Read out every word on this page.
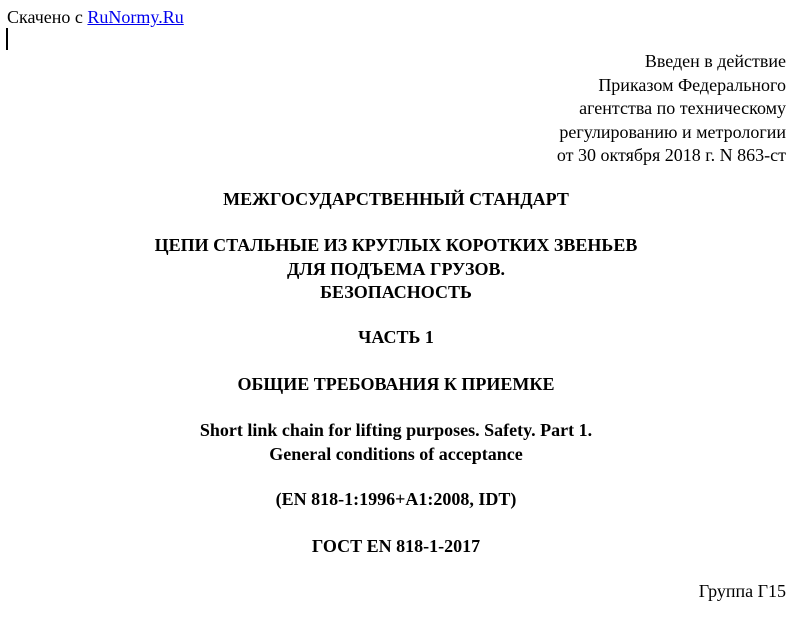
Скачено с RuNormy.Ru
Введен в действие
Приказом Федерального
агентства по техническому
регулированию и метрологии
от 30 октября 2018 г. N 863-ст
МЕЖГОСУДАРСТВЕННЫЙ СТАНДАРТ
ЦЕПИ СТАЛЬНЫЕ ИЗ КРУГЛЫХ КОРОТКИХ ЗВЕНЬЕВ
ДЛЯ ПОДЪЕМА ГРУЗОВ.
БЕЗОПАСНОСТЬ
ЧАСТЬ 1
ОБЩИЕ ТРЕБОВАНИЯ К ПРИЕМКЕ
Short link chain for lifting purposes. Safety. Part 1.
General conditions of acceptance
(EN 818-1:1996+A1:2008, IDT)
ГОСТ EN 818-1-2017
Группа Г15
